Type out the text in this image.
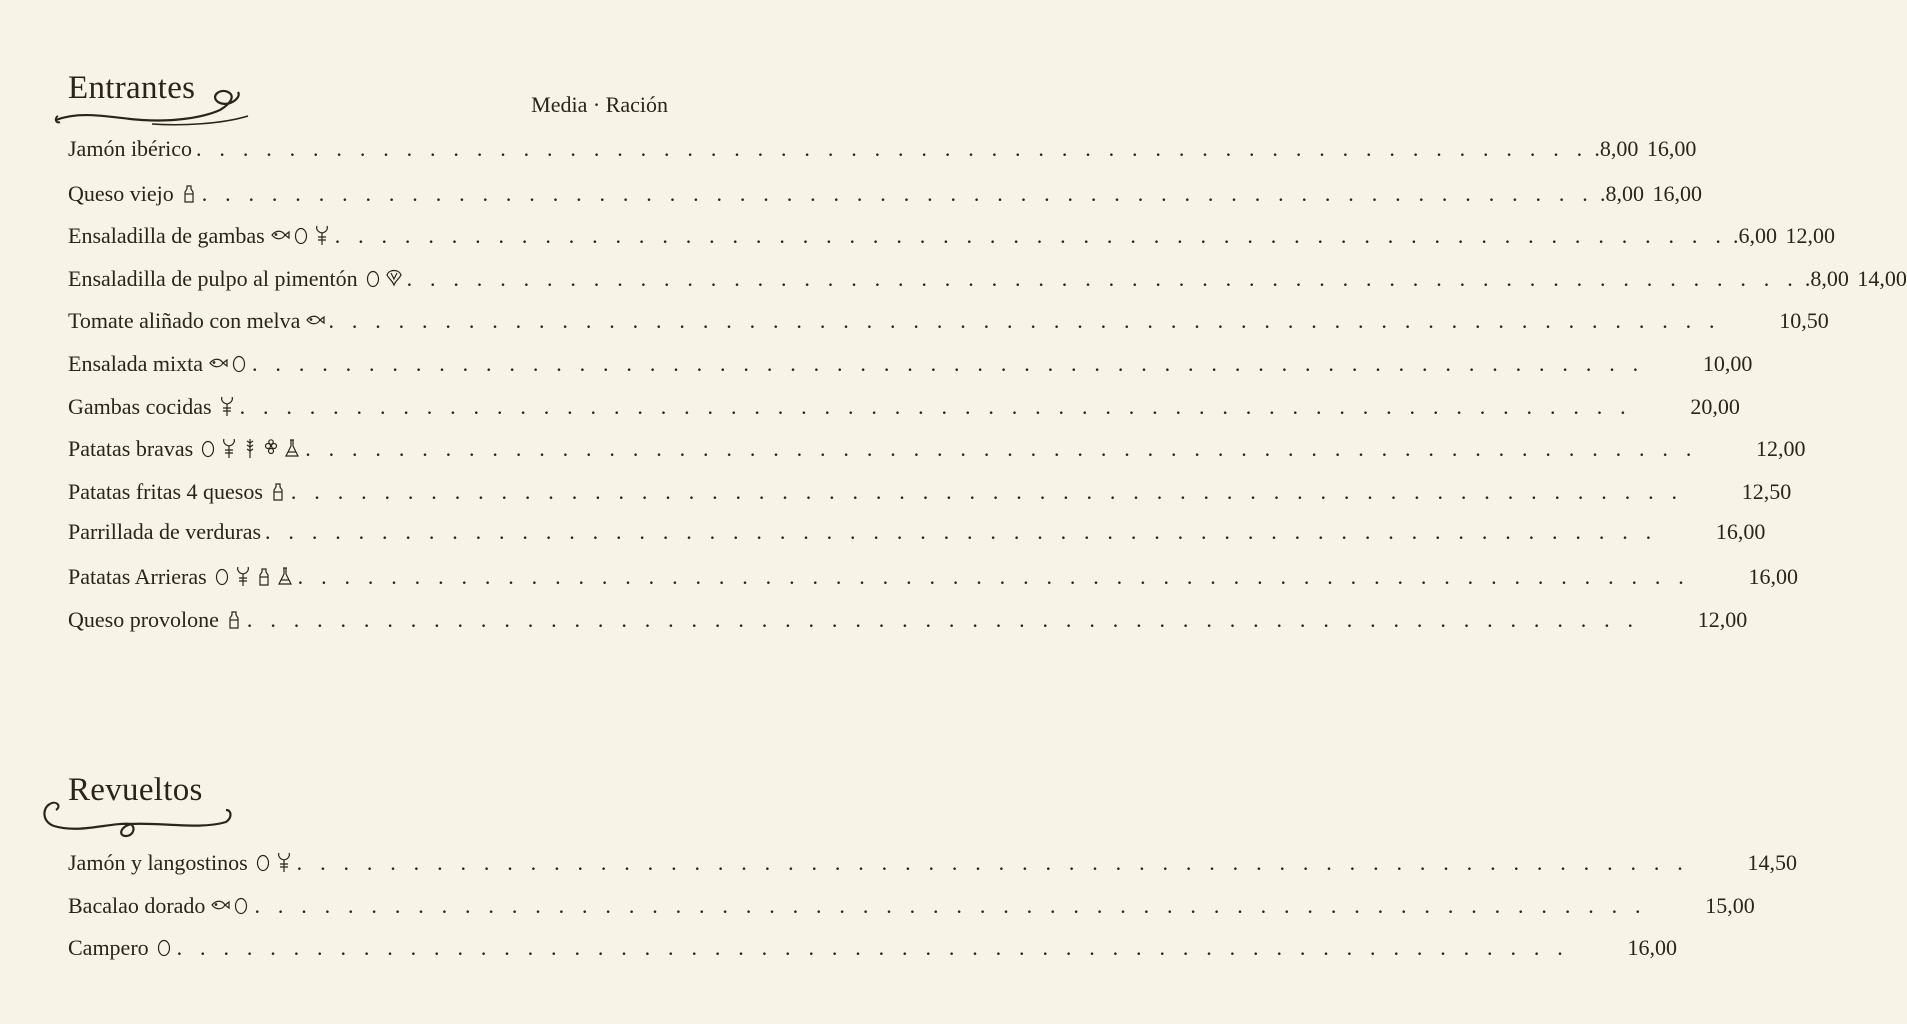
Entrantes	Media · Ración
Jamón ibérico . . . . . . . . . . . . . . . . . . . . . . . . . . . . . . . . . . . . . . . . . . . . . . . . . . . . . . . . . . . . .8,00 16,00
Queso viejo . . . . . . . . . . . . . . . . . . . . . . . . . . . . . . . . . . . . . . . . . . . . . . . . . . . . . . . . . . . . .8,00 16,00
Ensaladilla de gambas	. . . . . . . . . . . . . . . . . . . . . . . . . . . . . . . . . . . . . . . . . . . . . . . . . . . . . . . . . . . . .6,00 12,00
Ensaladilla de pulpo al pimentón . . . . . . . . . . . . . . . . . . . . . . . . . . . . . . . . . . . . . . . . . . . . . . . . . . . . . . . . . . . . .8,00 14,00
Tomate aliñado con melva . . . . . . . . . . . . . . . . . . . . . . . . . . . . . . . . . . . . . . . . . . . . . . . . . . . . . . . . . . . .	10,50
Ensalada mixta . . . . . . . . . . . . . . . . . . . . . . . . . . . . . . . . . . . . . . . . . . . . . . . . . . . . . . . . . . . .	10,00
Gambas cocidas . . . . . . . . . . . . . . . . . . . . . . . . . . . . . . . . . . . . . . . . . . . . . . . . . . . . . . . . . . . .	20,00
Patatas bravas	. . . . . . . . . . . . . . . . . . . . . . . . . . . . . . . . . . . . . . . . . . . . . . . . . . . . . . . . . . . .	12,00
Patatas fritas 4 quesos . . . . . . . . . . . . . . . . . . . . . . . . . . . . . . . . . . . . . . . . . . . . . . . . . . . . . . . . . . . .	12,50
Parrillada de verduras . . . . . . . . . . . . . . . . . . . . . . . . . . . . . . . . . . . . . . . . . . . . . . . . . . . . . . . . . . . .	16,00
Patatas Arrieras	. . . . . . . . . . . . . . . . . . . . . . . . . . . . . . . . . . . . . . . . . . . . . . . . . . . . . . . . . . . .	16,00
Queso provolone . . . . . . . . . . . . . . . . . . . . . . . . . . . . . . . . . . . . . . . . . . . . . . . . . . . . . . . . . . . .	12,00
Revueltos
Jamón y langostinos . . . . . . . . . . . . . . . . . . . . . . . . . . . . . . . . . . . . . . . . . . . . . . . . . . . . . . . . . . . .	14,50
Bacalao dorado . . . . . . . . . . . . . . . . . . . . . . . . . . . . . . . . . . . . . . . . . . . . . . . . . . . . . . . . . . . .	15,00
Campero . . . . . . . . . . . . . . . . . . . . . . . . . . . . . . . . . . . . . . . . . . . . . . . . . . . . . . . . . . . .	16,00
